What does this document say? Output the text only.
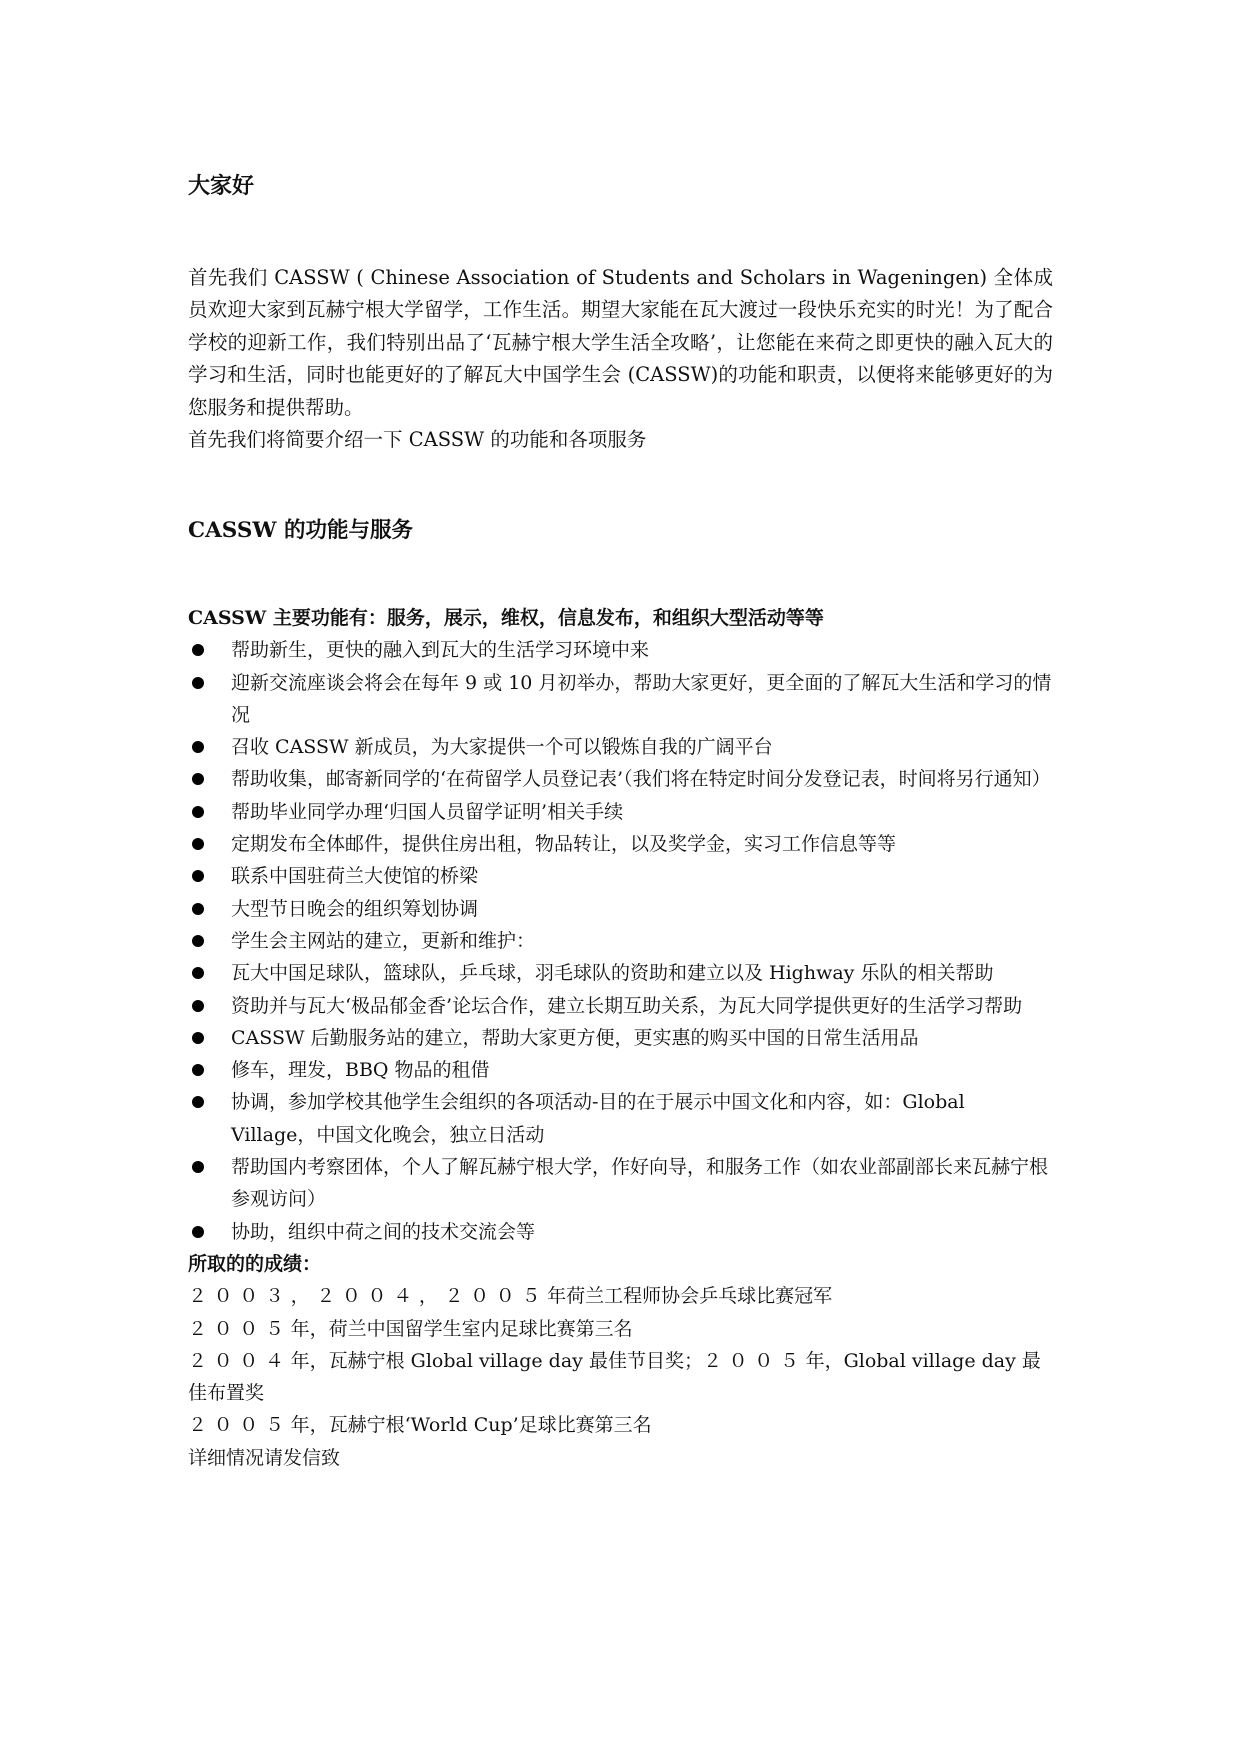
大家好

首先我们 CASSW ( Chinese Association of Students and Scholars in Wageningen) 全体成员欢迎大家到瓦赫宁根大学留学，工作生活。期望大家能在瓦大渡过一段快乐充实的时光！为了配合学校的迎新工作，我们特别出品了‘瓦赫宁根大学生活全攻略’，让您能在来荷之即更快的融入瓦大的学习和生活，同时也能更好的了解瓦大中国学生会 (CASSW)的功能和职责，以便将来能够更好的为您服务和提供帮助。

首先我们将简要介绍一下 CASSW 的功能和各项服务

CASSW 的功能与服务

CASSW 主要功能有：服务，展示，维权，信息发布，和组织大型活动等等

帮助新生，更快的融入到瓦大的生活学习环境中来
迎新交流座谈会将会在每年 9 或 10 月初举办，帮助大家更好，更全面的了解瓦大生活和学习的情况
召收 CASSW 新成员，为大家提供一个可以锻炼自我的广阔平台
帮助收集，邮寄新同学的‘在荷留学人员登记表’（我们将在特定时间分发登记表，时间将另行通知）
帮助毕业同学办理‘归国人员留学证明’相关手续
定期发布全体邮件，提供住房出租，物品转让，以及奖学金，实习工作信息等等
联系中国驻荷兰大使馆的桥梁
大型节日晚会的组织筹划协调
学生会主网站的建立，更新和维护：
瓦大中国足球队，篮球队，乒乓球，羽毛球队的资助和建立以及 Highway 乐队的相关帮助
资助并与瓦大‘极品郁金香’论坛合作，建立长期互助关系，为瓦大同学提供更好的生活学习帮助
CASSW 后勤服务站的建立，帮助大家更方便，更实惠的购买中国的日常生活用品
修车，理发，BBQ 物品的租借
协调，参加学校其他学生会组织的各项活动-目的在于展示中国文化和内容，如：Global Village，中国文化晚会，独立日活动
帮助国内考察团体，个人了解瓦赫宁根大学，作好向导，和服务工作（如农业部副部长来瓦赫宁根参观访问）
协助，组织中荷之间的技术交流会等

所取的的成绩：

２００３，２００４，２００５年荷兰工程师协会乒乓球比赛冠军

２００５年，荷兰中国留学生室内足球比赛第三名

２００４年，瓦赫宁根 Global village day 最佳节目奖；２００５年，Global village day 最佳布置奖

２００５年，瓦赫宁根‘World Cup’足球比赛第三名

详细情况请发信致
